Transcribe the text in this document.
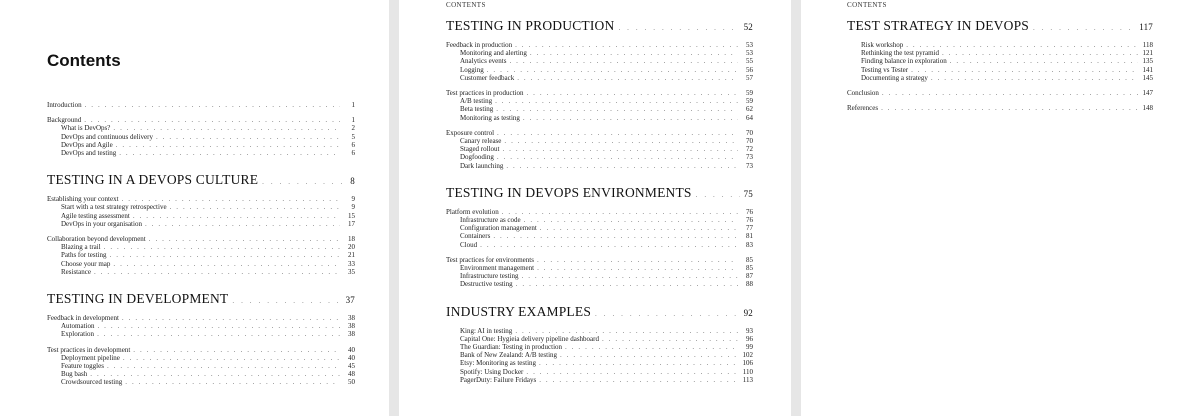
Contents
Introduction . . .	1
Background . . .	1
What is DevOps? . . .	2
DevOps and continuous delivery . . .	5
DevOps and Agile . . .	6
DevOps and testing . . .	6
TESTING IN A DEVOPS CULTURE . . .	8
Establishing your context . . .	9
Start with a test strategy retrospective . . .	9
Agile testing assessment . . .	15
DevOps in your organisation . . .	17
Collaboration beyond development . . .	18
Blazing a trail . . .	20
Paths for testing . . .	21
Choose your map . . .	33
Resistance . . .	35
TESTING IN DEVELOPMENT . . .	37
Feedback in development . . .	38
Automation . . .	38
Exploration . . .	38
Test practices in development . . .	40
Deployment pipeline . . .	40
Feature toggles . . .	45
Bug bash . . .	48
Crowdsourced testing . . .	50
CONTENTS
TESTING IN PRODUCTION . . .	52
Feedback in production . . .	53
Monitoring and alerting . . .	53
Analytics events . . .	55
Logging . . .	56
Customer feedback . . .	57
Test practices in production . . .	59
A/B testing . . .	59
Beta testing . . .	62
Monitoring as testing . . .	64
Exposure control . . .	70
Canary release . . .	70
Staged rollout . . .	72
Dogfooding . . .	73
Dark launching . . .	73
TESTING IN DEVOPS ENVIRONMENTS . . .	75
Platform evolution . . .	76
Infrastructure as code . . .	76
Configuration management . . .	77
Containers . . .	81
Cloud . . .	83
Test practices for environments . . .	85
Environment management . . .	85
Infrastructure testing . . .	87
Destructive testing . . .	88
INDUSTRY EXAMPLES . . .	92
King: AI in testing . . .	93
Capital One: Hygieia delivery pipeline dashboard . . .	96
The Guardian: Testing in production . . .	99
Bank of New Zealand: A/B testing . . .	102
Etsy: Monitoring as testing . . .	106
Spotify: Using Docker . . .	110
PagerDuty: Failure Fridays . . .	113
CONTENTS
TEST STRATEGY IN DEVOPS . . .	117
Risk workshop . . .	118
Rethinking the test pyramid . . .	121
Finding balance in exploration . . .	135
Testing vs Tester . . .	141
Documenting a strategy . . .	145
Conclusion . . .	147
References . . .	148
